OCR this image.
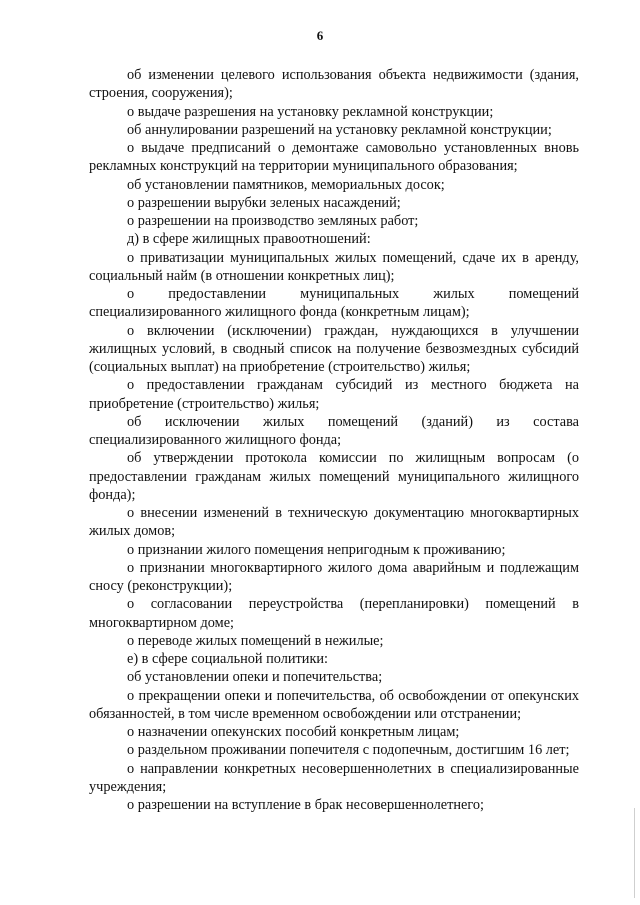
6

об изменении целевого использования объекта недвижимости (здания, строения, сооружения);

о выдаче разрешения на установку рекламной конструкции;

об аннулировании разрешений на установку рекламной конструкции;

о выдаче предписаний о демонтаже самовольно установленных вновь рекламных конструкций на территории муниципального образования;

об установлении памятников, мемориальных досок;

о разрешении вырубки зеленых насаждений;

о разрешении на производство земляных работ;

д) в сфере жилищных правоотношений:

о приватизации муниципальных жилых помещений, сдаче их в аренду, социальный найм (в отношении конкретных лиц);

о предоставлении муниципальных жилых помещений специализированного жилищного фонда (конкретным лицам);

о включении (исключении) граждан, нуждающихся в улучшении жилищных условий, в сводный список на получение безвозмездных субсидий (социальных выплат) на приобретение (строительство) жилья;

о предоставлении гражданам субсидий из местного бюджета на приобретение (строительство) жилья;

об исключении жилых помещений (зданий) из состава специализированного жилищного фонда;

об утверждении протокола комиссии по жилищным вопросам (о предоставлении гражданам жилых помещений муниципального жилищного фонда);

о внесении изменений в техническую документацию многоквартирных жилых домов;

о признании жилого помещения непригодным к проживанию;

о признании многоквартирного жилого дома аварийным и подлежащим сносу (реконструкции);

о согласовании переустройства (перепланировки) помещений в многоквартирном доме;

о переводе жилых помещений в нежилые;

е) в сфере социальной политики:

об установлении опеки и попечительства;

о прекращении опеки и попечительства, об освобождении от опекунских обязанностей, в том числе временном освобождении или отстранении;

о назначении опекунских пособий конкретным лицам;

о раздельном проживании попечителя с подопечным, достигшим 16 лет;

о направлении конкретных несовершеннолетних в специализированные учреждения;

о разрешении на вступление в брак несовершеннолетнего;
